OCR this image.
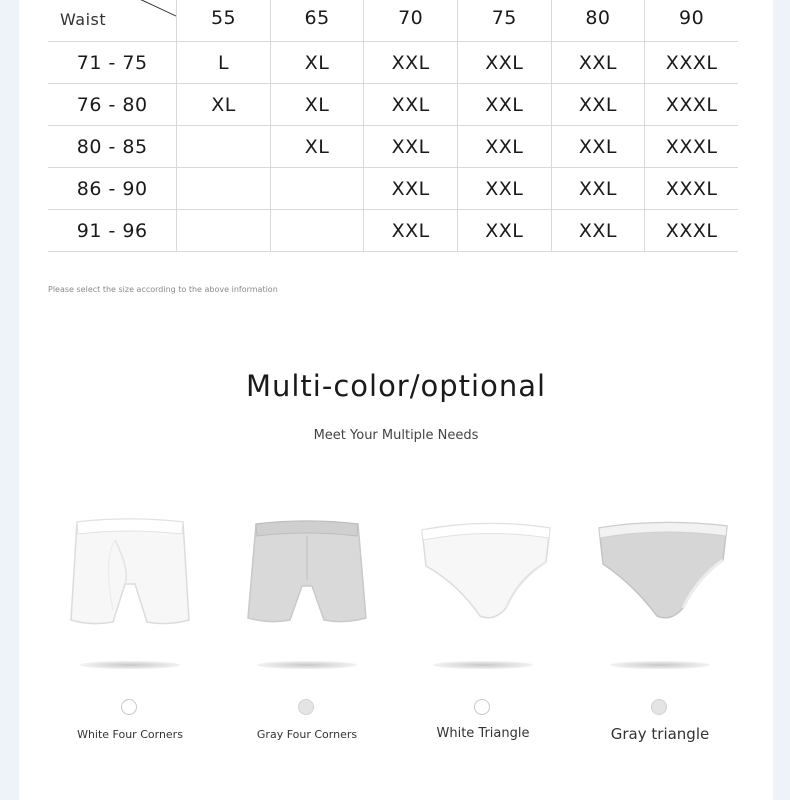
Waist	55	65	70	75	80	90
71 - 75	L	XL	XXL	XXL	XXL	XXXL
76 - 80	XL	XL	XXL	XXL	XXL	XXXL
80 - 85		XL	XXL	XXL	XXL	XXXL
86 - 90			XXL	XXL	XXL	XXXL
91 - 96			XXL	XXL	XXL	XXXL
Please select the size according to the above information
Multi-color/optional
Meet Your Multiple Needs
White Four Corners	Gray Four Corners	White Triangle	Gray triangle
